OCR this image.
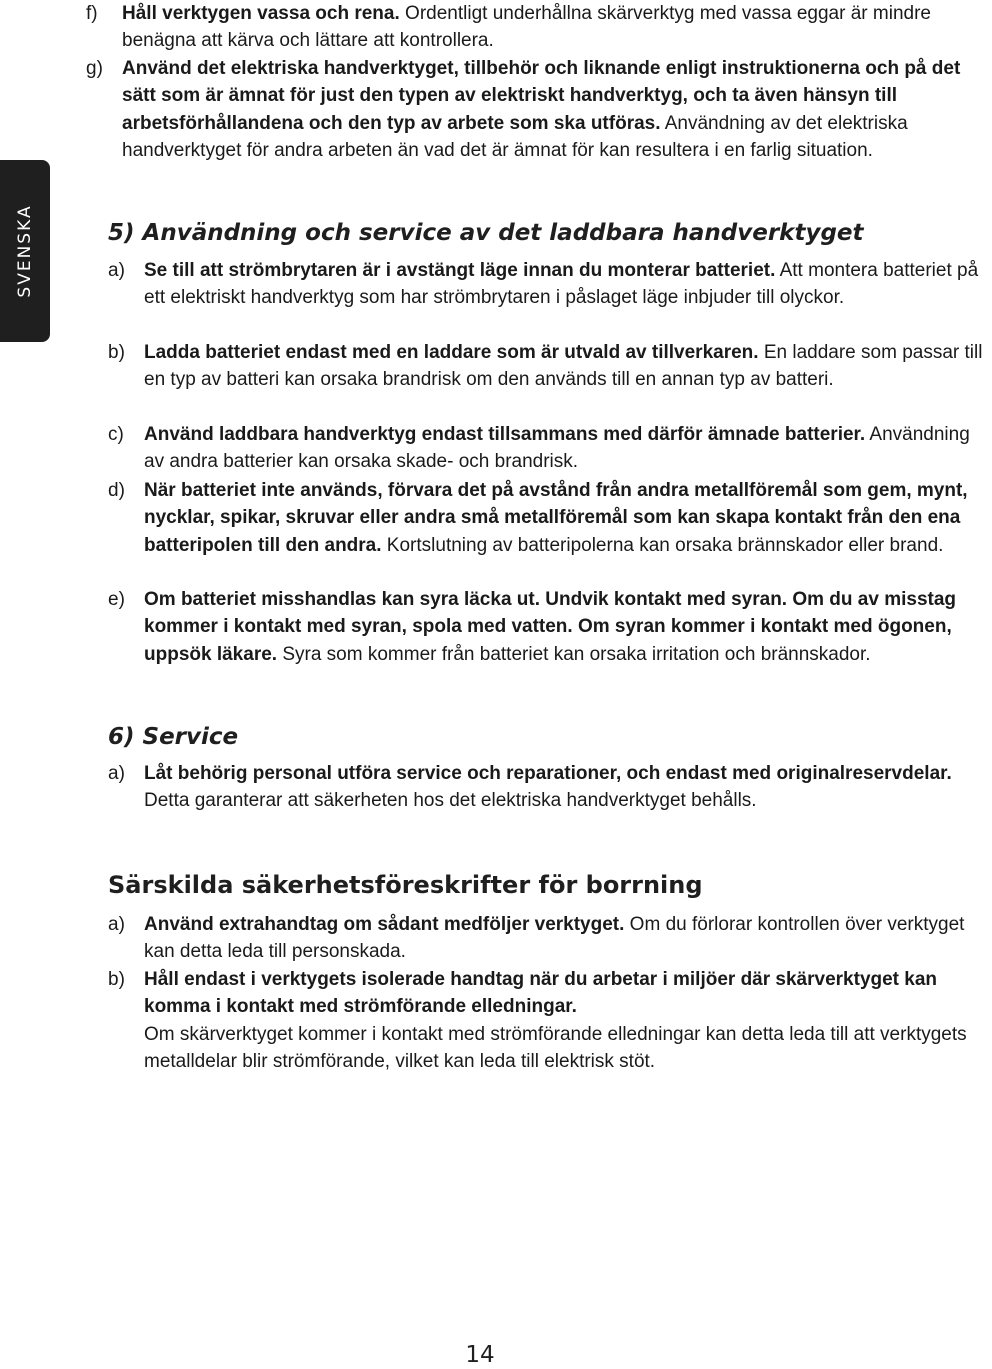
SVENSKA
f) Håll verktygen vassa och rena. Ordentligt underhållna skärverktyg med vassa eggar är mindre benägna att kärva och lättare att kontrollera.
g) Använd det elektriska handverktyget, tillbehör och liknande enligt instruktionerna och på det sätt som är ämnat för just den typen av elektriskt handverktyg, och ta även hänsyn till arbetsförhållandena och den typ av arbete som ska utföras. Användning av det elektriska handverktyget för andra arbeten än vad det är ämnat för kan resultera i en farlig situation.
5) Användning och service av det laddbara handverktyget
a) Se till att strömbrytaren är i avstängt läge innan du monterar batteriet. Att montera batteriet på ett elektriskt handverktyg som har strömbrytaren i påslaget läge inbjuder till olyckor.
b) Ladda batteriet endast med en laddare som är utvald av tillverkaren. En laddare som passar till en typ av batteri kan orsaka brandrisk om den används till en annan typ av batteri.
c) Använd laddbara handverktyg endast tillsammans med därför ämnade batterier. Användning av andra batterier kan orsaka skade- och brandrisk.
d) När batteriet inte används, förvara det på avstånd från andra metallföremål som gem, mynt, nycklar, spikar, skruvar eller andra små metallföremål som kan skapa kontakt från den ena batteripolen till den andra. Kortslutning av batteripolerna kan orsaka brännskador eller brand.
e) Om batteriet misshandlas kan syra läcka ut. Undvik kontakt med syran. Om du av misstag kommer i kontakt med syran, spola med vatten. Om syran kommer i kontakt med ögonen, uppsök läkare. Syra som kommer från batteriet kan orsaka irritation och brännskador.
6) Service
a) Låt behörig personal utföra service och reparationer, och endast med originalreservdelar. Detta garanterar att säkerheten hos det elektriska handverktyget behålls.
Särskilda säkerhetsföreskrifter för borrning
a) Använd extrahandtag om sådant medföljer verktyget. Om du förlorar kontrollen över verktyget kan detta leda till personskada.
b) Håll endast i verktygets isolerade handtag när du arbetar i miljöer där skärverktyget kan komma i kontakt med strömförande elledningar.
Om skärverktyget kommer i kontakt med strömförande elledningar kan detta leda till att verktygets metalldelar blir strömförande, vilket kan leda till elektrisk stöt.
14
